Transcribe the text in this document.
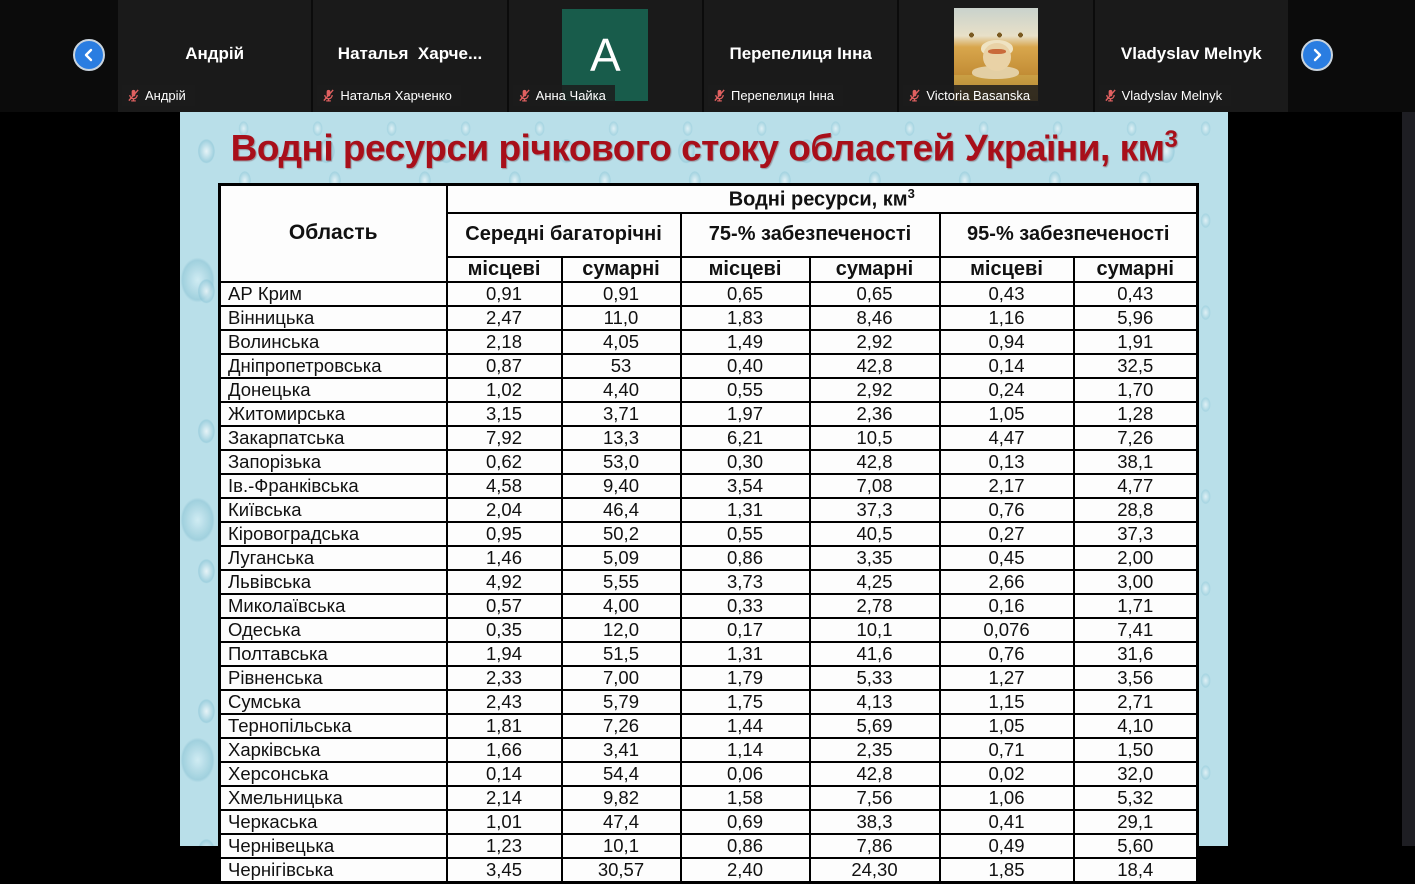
Андрій
Андрій
Наталья  Харче...
Наталья Харченко
A
Анна Чайка
Перепелиця Інна
Перепелиця Інна	Victoria Basanska
Vladyslav Melnyk
Vladyslav Melnyk
Водні ресурси річкового стоку областей України, $км^3$
Область	Водні ресурси, $км^3$
	Середні багаторічні		75-% забезпеченості		95-% забезпеченості	
	місцеві	сумарні	місцеві	сумарні	місцеві	сумарні
АР Крим	0,91	0,91	0,65	0,65	0,43	0,43
Вінницька	2,47	11,0	1,83	8,46	1,16	5,96
Волинська	2,18	4,05	1,49	2,92	0,94	1,91
Дніпропетровська	0,87	53	0,40	42,8	0,14	32,5
Донецька	1,02	4,40	0,55	2,92	0,24	1,70
Житомирська	3,15	3,71	1,97	2,36	1,05	1,28
Закарпатська	7,92	13,3	6,21	10,5	4,47	7,26
Запорізька	0,62	53,0	0,30	42,8	0,13	38,1
Ів.-Франківська	4,58	9,40	3,54	7,08	2,17	4,77
Київська	2,04	46,4	1,31	37,3	0,76	28,8
Кіровоградська	0,95	50,2	0,55	40,5	0,27	37,3
Луганська	1,46	5,09	0,86	3,35	0,45	2,00
Львівська	4,92	5,55	3,73	4,25	2,66	3,00
Миколаївська	0,57	4,00	0,33	2,78	0,16	1,71
Одеська	0,35	12,0	0,17	10,1	0,076	7,41
Полтавська	1,94	51,5	1,31	41,6	0,76	31,6
Рівненська	2,33	7,00	1,79	5,33	1,27	3,56
Сумська	2,43	5,79	1,75	4,13	1,15	2,71
Тернопільська	1,81	7,26	1,44	5,69	1,05	4,10
Харківська	1,66	3,41	1,14	2,35	0,71	1,50
Херсонська	0,14	54,4	0,06	42,8	0,02	32,0
Хмельницька	2,14	9,82	1,58	7,56	1,06	5,32
Черкаська	1,01	47,4	0,69	38,3	0,41	29,1
Чернівецька	1,23	10,1	0,86	7,86	0,49	5,60
Чернігівська	3,45	30,57	2,40	24,30	1,85	18,4
